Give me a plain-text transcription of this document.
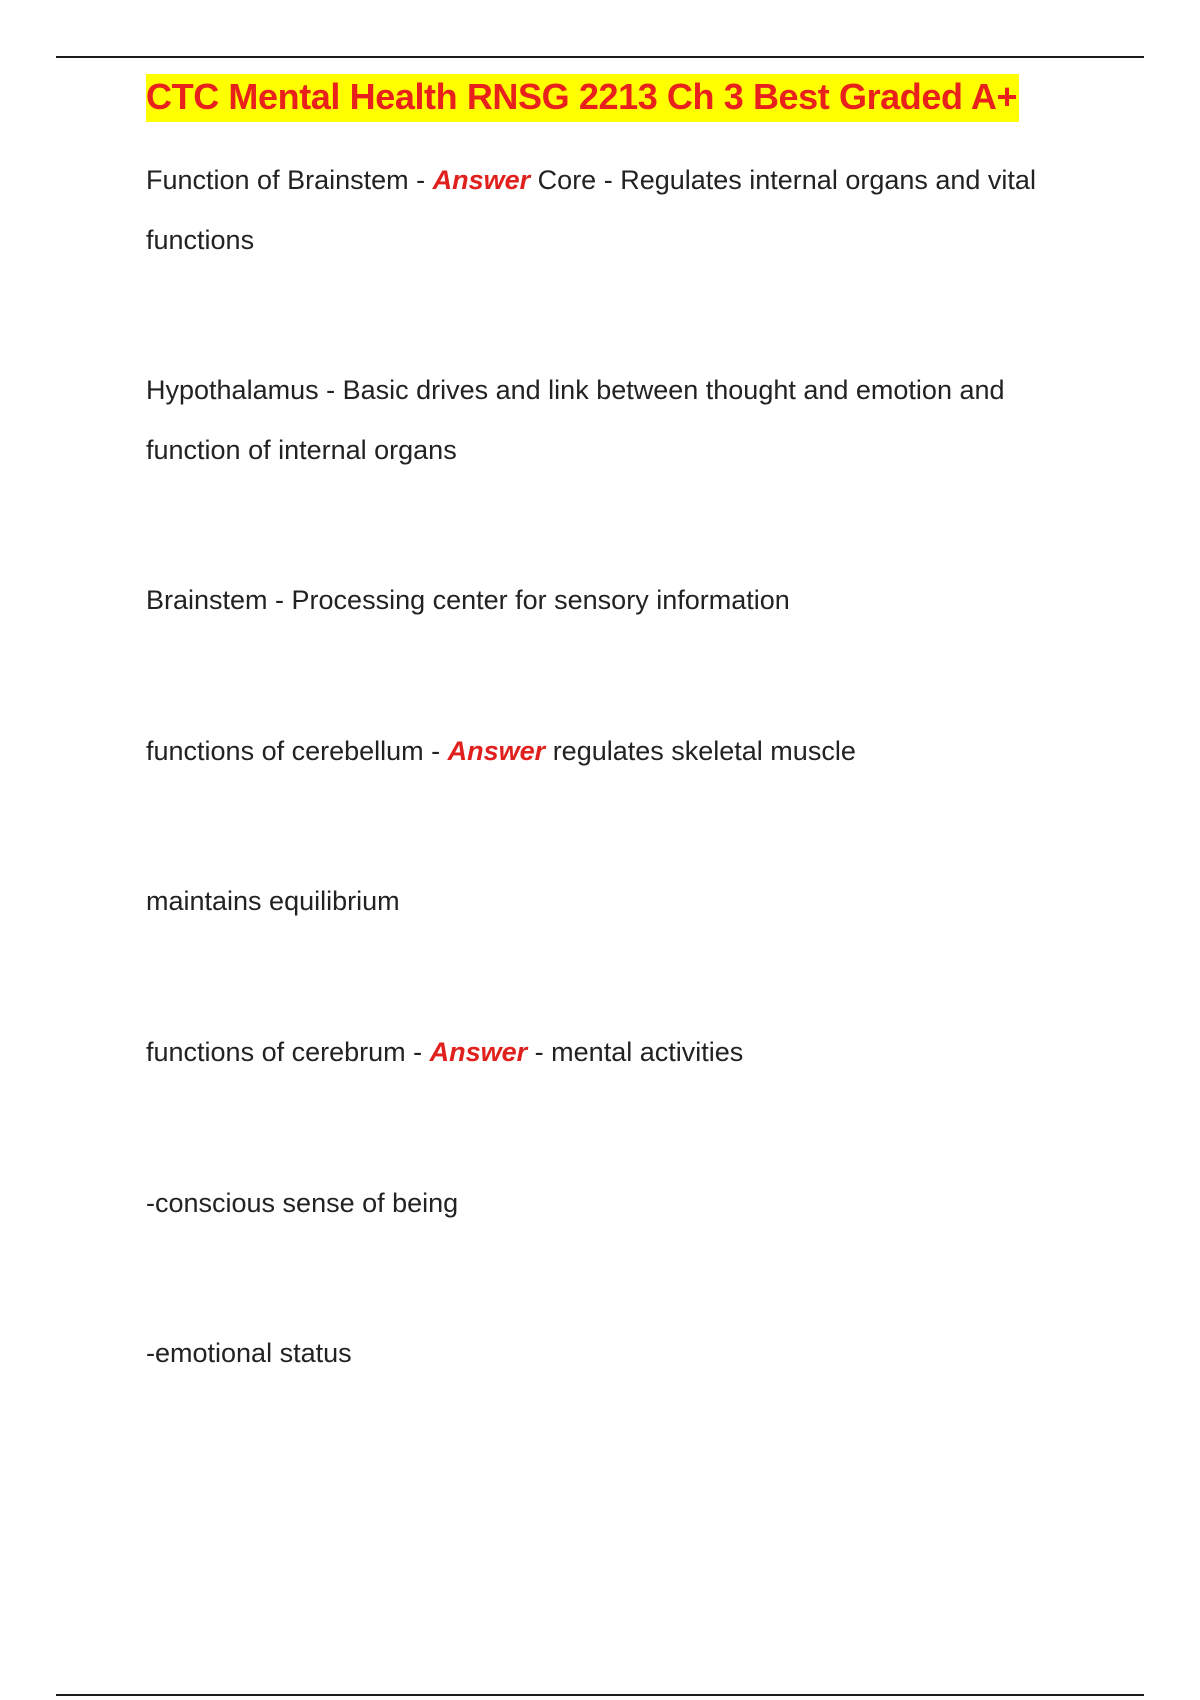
CTC Mental Health RNSG 2213 Ch 3 Best Graded A+

Function of Brainstem - Answer Core - Regulates internal organs and vital functions

Hypothalamus - Basic drives and link between thought and emotion and function of internal organs

Brainstem - Processing center for sensory information

functions of cerebellum - Answer regulates skeletal muscle

maintains equilibrium

functions of cerebrum - Answer - mental activities

-conscious sense of being

-emotional status
